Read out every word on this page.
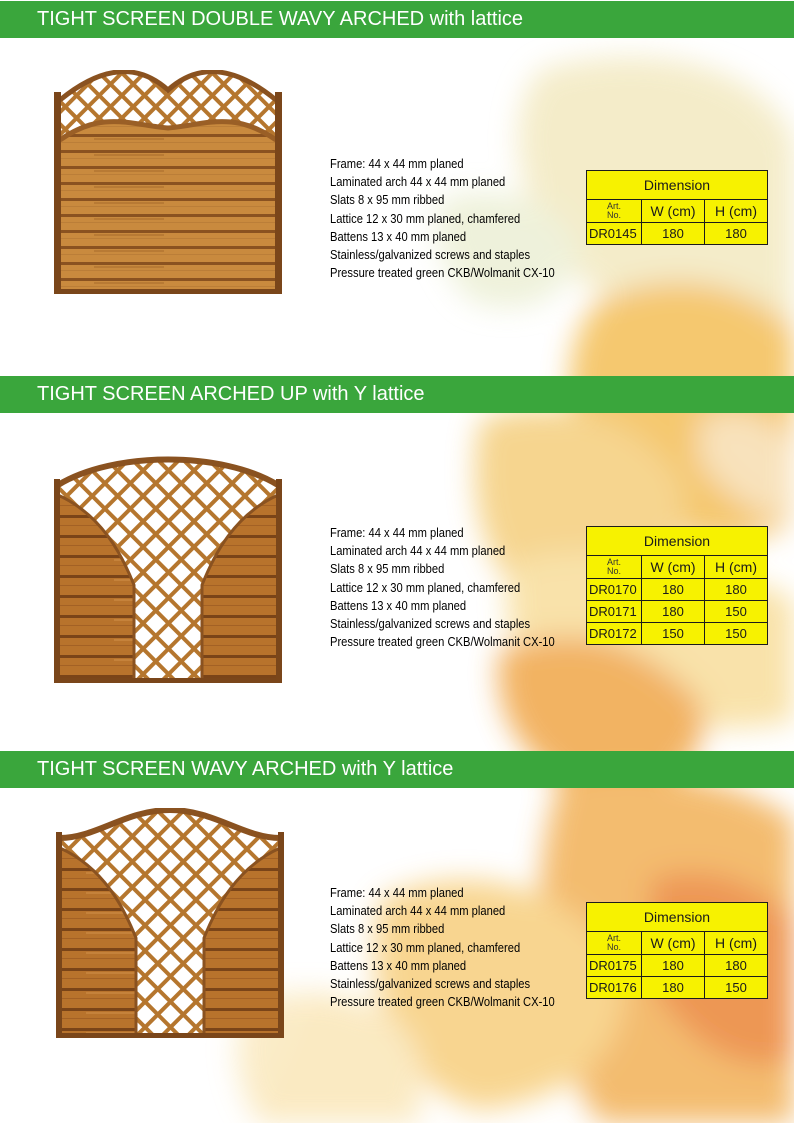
TIGHT SCREEN DOUBLE WAVY ARCHED with lattice
Frame: 44 x 44 mm planed
Laminated arch 44 x 44 mm planed
Slats 8 x 95 mm ribbed
Lattice 12 x 30 mm planed, chamfered
Battens 13 x 40 mm planed
Stainless/galvanized screws and staples
Pressure treated green CKB/Wolmanit CX-10
Dimension		
Art.
No.	W (cm)	H (cm)
DR0145	180	180
TIGHT SCREEN ARCHED UP with Y lattice
Frame: 44 x 44 mm planed
Laminated arch 44 x 44 mm planed
Slats 8 x 95 mm ribbed
Lattice 12 x 30 mm planed, chamfered
Battens 13 x 40 mm planed
Stainless/galvanized screws and staples
Pressure treated green CKB/Wolmanit CX-10
Dimension		
Art.
No.	W (cm)	H (cm)
DR0170	180	180
DR0171	180	150
DR0172	150	150
TIGHT SCREEN WAVY ARCHED with Y lattice
Frame: 44 x 44 mm planed
Laminated arch 44 x 44 mm planed
Slats 8 x 95 mm ribbed
Lattice 12 x 30 mm planed, chamfered
Battens 13 x 40 mm planed
Stainless/galvanized screws and staples
Pressure treated green CKB/Wolmanit CX-10
Dimension		
Art.
No.	W (cm)	H (cm)
DR0175	180	180
DR0176	180	150
